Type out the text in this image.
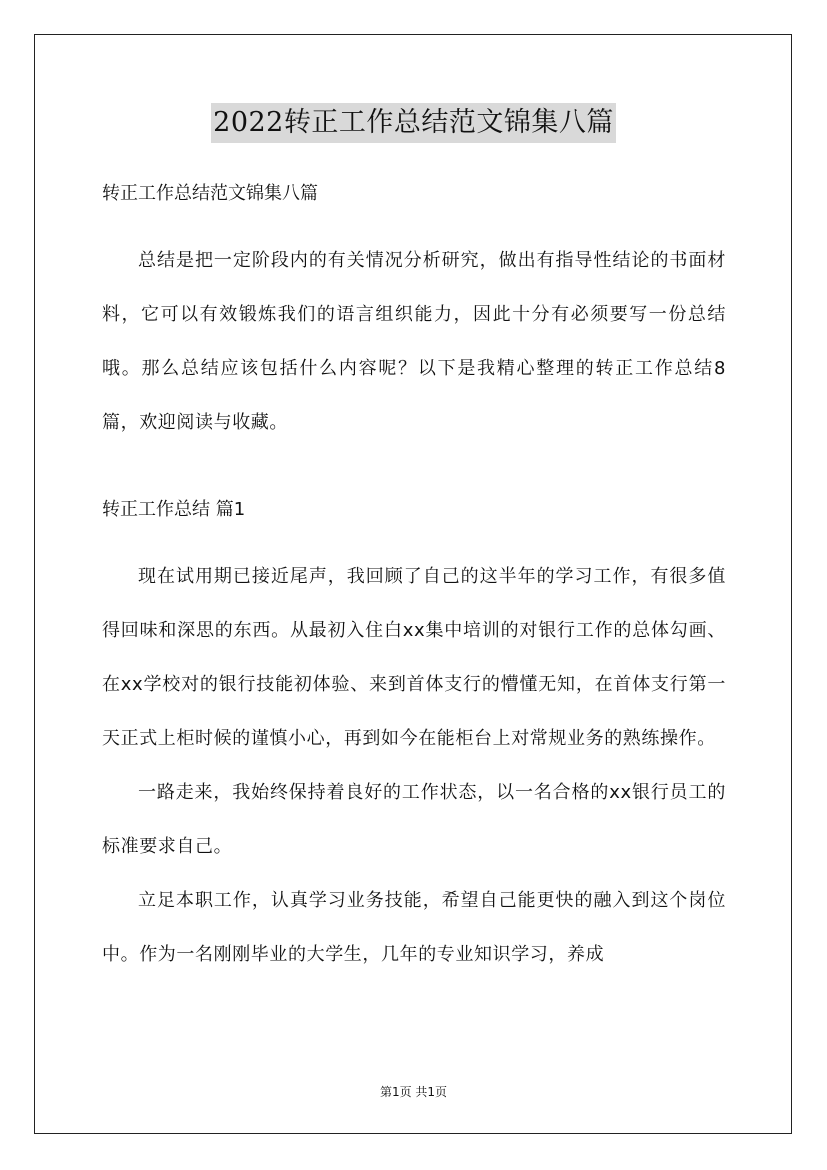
2022转正工作总结范文锦集八篇
转正工作总结范文锦集八篇
总结是把一定阶段内的有关情况分析研究，做出有指导性结论的书面材料，它可以有效锻炼我们的语言组织能力，因此十分有必须要写一份总结哦。那么总结应该包括什么内容呢？以下是我精心整理的转正工作总结8篇，欢迎阅读与收藏。
转正工作总结 篇1
现在试用期已接近尾声，我回顾了自己的这半年的学习工作，有很多值得回味和深思的东西。从最初入住白xx集中培训的对银行工作的总体勾画、在xx学校对的银行技能初体验、来到首体支行的懵懂无知，在首体支行第一天正式上柜时候的谨慎小心，再到如今在能柜台上对常规业务的熟练操作。
一路走来，我始终保持着良好的工作状态，以一名合格的xx银行员工的标准要求自己。
立足本职工作，认真学习业务技能，希望自己能更快的融入到这个岗位中。作为一名刚刚毕业的大学生，几年的专业知识学习，养成
第1页 共1页
